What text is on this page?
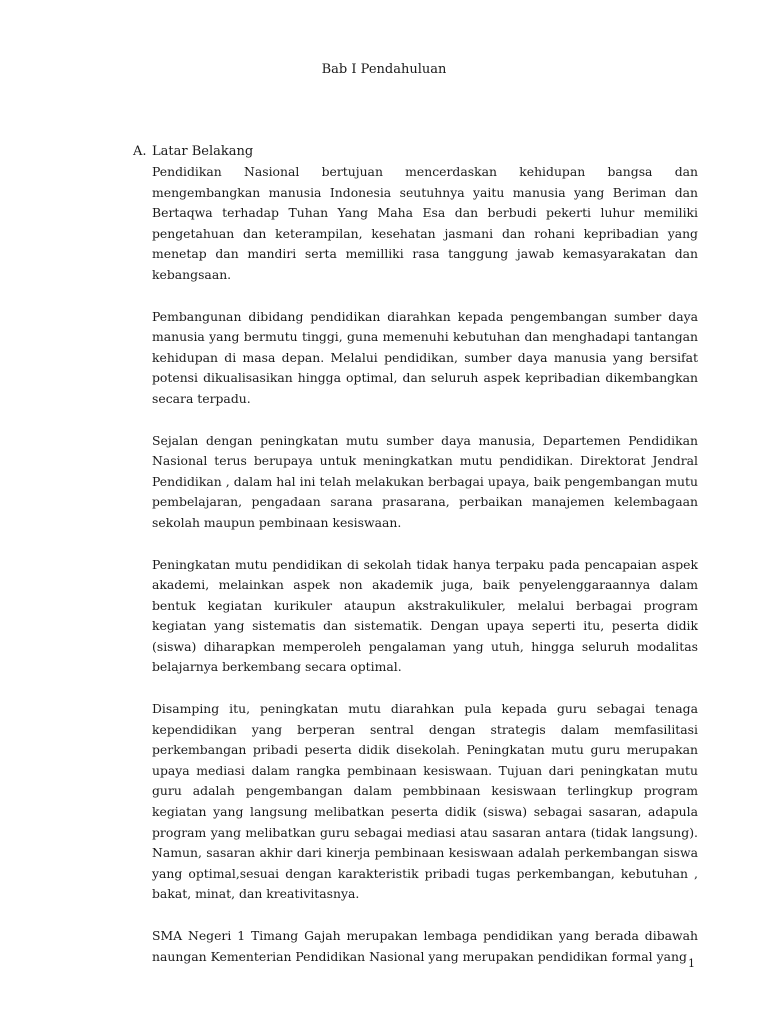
Bab I Pendahuluan
A. Latar Belakang

Pendidikan Nasional bertujuan mencerdaskan kehidupan bangsa dan mengembangkan manusia Indonesia seutuhnya yaitu manusia yang Beriman dan Bertaqwa terhadap Tuhan Yang Maha Esa dan berbudi pekerti luhur memiliki pengetahuan dan keterampilan, kesehatan jasmani dan rohani kepribadian yang menetap dan mandiri serta memilliki rasa tanggung jawab kemasyarakatan dan kebangsaan.

Pembangunan dibidang pendidikan diarahkan kepada pengembangan sumber daya manusia yang bermutu tinggi, guna memenuhi kebutuhan dan menghadapi tantangan kehidupan di masa depan. Melalui pendidikan, sumber daya manusia yang bersifat potensi dikualisasikan hingga optimal, dan seluruh aspek kepribadian dikembangkan secara terpadu.

Sejalan dengan peningkatan mutu sumber daya manusia, Departemen Pendidikan Nasional terus berupaya untuk meningkatkan mutu pendidikan. Direktorat Jendral Pendidikan , dalam hal ini telah melakukan berbagai upaya, baik pengembangan mutu pembelajaran, pengadaan sarana prasarana, perbaikan manajemen kelembagaan sekolah maupun pembinaan kesiswaan.

Peningkatan mutu pendidikan di sekolah tidak hanya terpaku pada pencapaian aspek akademi, melainkan aspek non akademik juga, baik penyelenggaraannya dalam bentuk kegiatan kurikuler ataupun akstrakulikuler, melalui berbagai program kegiatan yang sistematis dan sistematik. Dengan upaya seperti itu, peserta didik (siswa) diharapkan memperoleh pengalaman yang utuh, hingga seluruh modalitas belajarnya berkembang secara optimal.

Disamping itu, peningkatan mutu diarahkan pula kepada guru sebagai tenaga kependidikan yang berperan sentral dengan strategis dalam memfasilitasi perkembangan pribadi peserta didik disekolah. Peningkatan mutu guru merupakan upaya mediasi dalam rangka pembinaan kesiswaan. Tujuan dari peningkatan mutu guru adalah pengembangan dalam pembbinaan kesiswaan terlingkup program kegiatan yang langsung melibatkan peserta didik (siswa) sebagai sasaran, adapula program yang melibatkan guru sebagai mediasi atau sasaran antara (tidak langsung). Namun, sasaran akhir dari kinerja pembinaan kesiswaan adalah perkembangan siswa yang optimal,sesuai dengan karakteristik pribadi tugas perkembangan, kebutuhan , bakat, minat, dan kreativitasnya.

SMA Negeri 1 Timang Gajah merupakan lembaga pendidikan yang berada dibawah naungan Kementerian Pendidikan Nasional yang merupakan pendidikan formal yang 1
